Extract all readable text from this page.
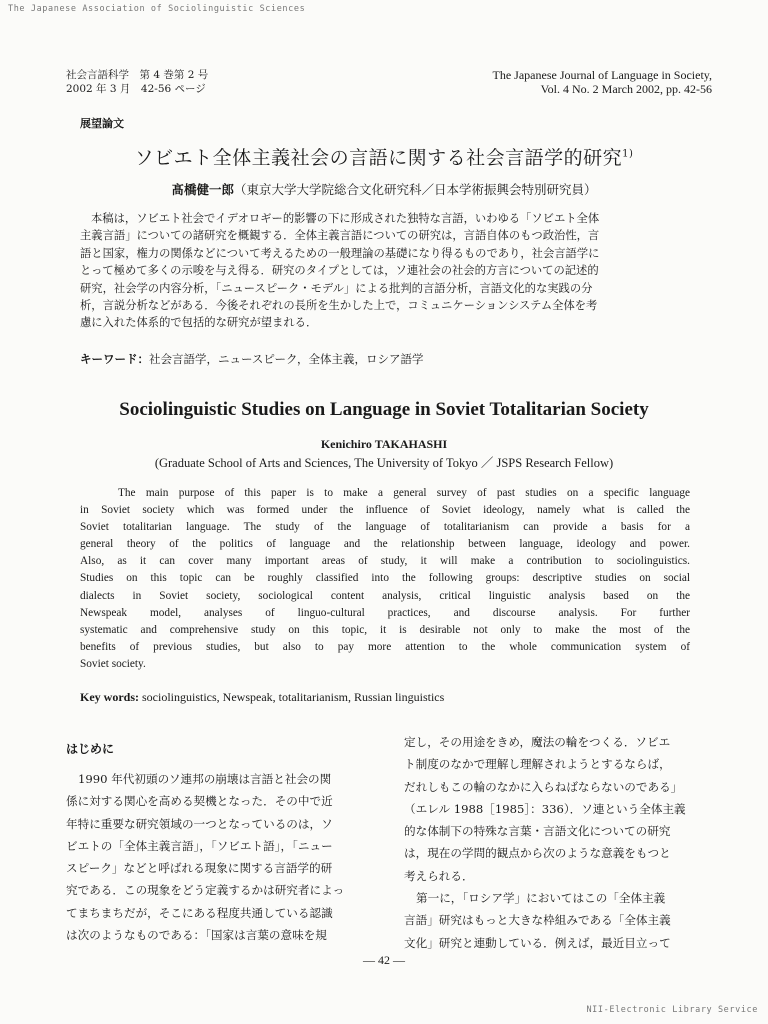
The Japanese Association of Sociolinguistic Sciences
社会言語科学　第 4 巻第 2 号
2002 年 3 月　42-56 ページ
The Japanese Journal of Language in Society,
Vol. 4 No. 2 March 2002, pp. 42-56
展望論文
ソビエト全体主義社会の言語に関する社会言語学的研究$^{1)}$
髙橋健一郎（東京大学大学院総合文化研究科／日本学術振興会特別研究員）
本稿は，ソビエト社会でイデオロギー的影響の下に形成された独特な言語，いわゆる「ソビエト全体
主義言語」についての諸研究を概観する．全体主義言語についての研究は，言語自体のもつ政治性，言
語と国家，権力の関係などについて考えるための一般理論の基礎になり得るものであり，社会言語学に
とって極めて多くの示唆を与え得る．研究のタイプとしては，ソ連社会の社会的方言についての記述的
研究，社会学の内容分析，「ニュースピーク・モデル」による批判的言語分析，言語文化的な実践の分
析，言説分析などがある．今後それぞれの長所を生かした上で，コミュニケーションシステム全体を考
慮に入れた体系的で包括的な研究が望まれる．
キーワード：社会言語学，ニュースピーク，全体主義，ロシア語学
Sociolinguistic Studies on Language in Soviet Totalitarian Society
Kenichiro TAKAHASHI
(Graduate School of Arts and Sciences, The University of Tokyo ／ JSPS Research Fellow)
The main purpose of this paper is to make a general survey of past studies on a specific language
in Soviet society which was formed under the influence of Soviet ideology, namely what is called the
Soviet totalitarian language. The study of the language of totalitarianism can provide a basis for a
general theory of the politics of language and the relationship between language, ideology and power.
Also, as it can cover many important areas of study, it will make a contribution to sociolinguistics.
Studies on this topic can be roughly classified into the following groups: descriptive studies on social
dialects in Soviet society, sociological content analysis, critical linguistic analysis based on the
Newspeak model, analyses of linguo-cultural practices, and discourse analysis. For further
systematic and comprehensive study on this topic, it is desirable not only to make the most of the
benefits of previous studies, but also to pay more attention to the whole communication system of
Soviet society.
Key words: sociolinguistics, Newspeak, totalitarianism, Russian linguistics
はじめに
1990 年代初頭のソ連邦の崩壊は言語と社会の関
係に対する関心を高める契機となった．その中で近
年特に重要な研究領域の一つとなっているのは，ソ
ビエトの「全体主義言語」，「ソビエト語」，「ニュー
スピーク」などと呼ばれる現象に関する言語学的研
究である．この現象をどう定義するかは研究者によっ
てまちまちだが，そこにある程度共通している認識
は次のようなものである：「国家は言葉の意味を規
定し，その用途をきめ，魔法の輪をつくる．ソビエ
ト制度のなかで理解し理解されようとするならば，
だれしもこの輪のなかに入らねばならないのである」
（エレル 1988［1985］：336）．ソ連という全体主義
的な体制下の特殊な言葉・言語文化についての研究
は，現在の学問的観点から次のような意義をもつと
考えられる．
第一に，「ロシア学」においてはこの「全体主義
言語」研究はもっと大きな枠組みである「全体主義
文化」研究と連動している．例えば，最近目立って
— 42 —
NII-Electronic Library Service
